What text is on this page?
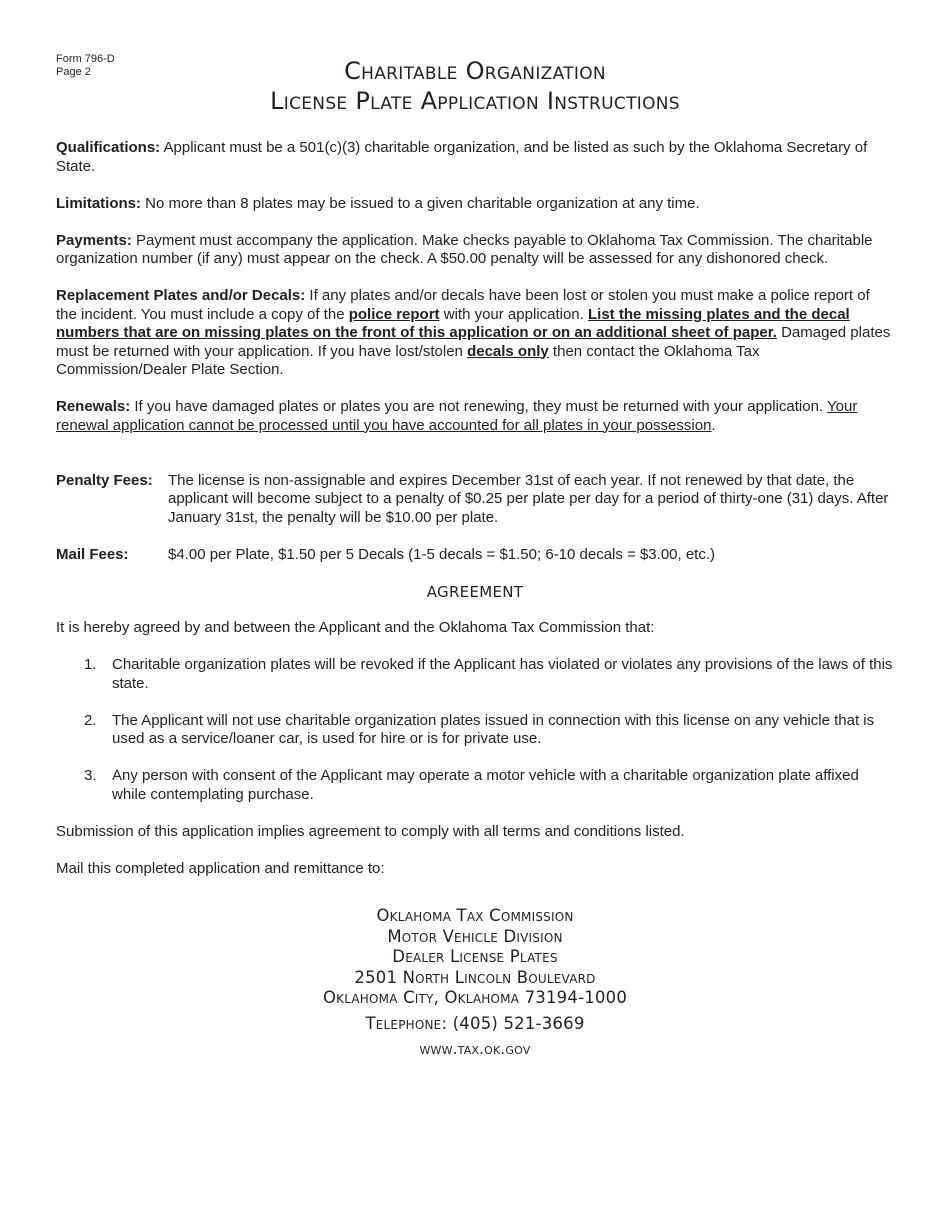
Form 796-D
Page 2	Charitable Organization
License Plate Application Instructions

Qualifications: Applicant must be a 501(c)(3) charitable organization, and be listed as such by the Oklahoma Secretary of State.

Limitations: No more than 8 plates may be issued to a given charitable organization at any time.

Payments: Payment must accompany the application. Make checks payable to Oklahoma Tax Commission. The charitable organization number (if any) must appear on the check. A $50.00 penalty will be assessed for any dishonored check.

Replacement Plates and/or Decals: If any plates and/or decals have been lost or stolen you must make a police report of the incident. You must include a copy of the police report with your application. List the missing plates and the decal numbers that are on missing plates on the front of this application or on an additional sheet of paper. Damaged plates must be returned with your application. If you have lost/stolen decals only then contact the Oklahoma Tax Commission/Dealer Plate Section.

Renewals: If you have damaged plates or plates you are not renewing, they must be returned with your application. Your renewal application cannot be processed until you have accounted for all plates in your possession.

Penalty Fees:	The license is non-assignable and expires December 31st of each year. If not renewed by that date, the applicant will become subject to a penalty of $0.25 per plate per day for a period of thirty-one (31) days. After January 31st, the penalty will be $10.00 per plate.
Mail Fees:	$4.00 per Plate, $1.50 per 5 Decals (1-5 decals = $1.50; 6-10 decals = $3.00, etc.)
AGREEMENT

It is hereby agreed by and between the Applicant and the Oklahoma Tax Commission that:

1.	Charitable organization plates will be revoked if the Applicant has violated or violates any provisions of the laws of this state.
2.	The Applicant will not use charitable organization plates issued in connection with this license on any vehicle that is used as a service/loaner car, is used for hire or is for private use.
3.	Any person with consent of the Applicant may operate a motor vehicle with a charitable organization plate affixed while contemplating purchase.

Submission of this application implies agreement to comply with all terms and conditions listed.

Mail this completed application and remittance to:

Oklahoma Tax Commission
Motor Vehicle Division
Dealer License Plates
2501 North Lincoln Boulevard
Oklahoma City, Oklahoma 73194-1000
Telephone: (405) 521-3669
www.tax.ok.gov
